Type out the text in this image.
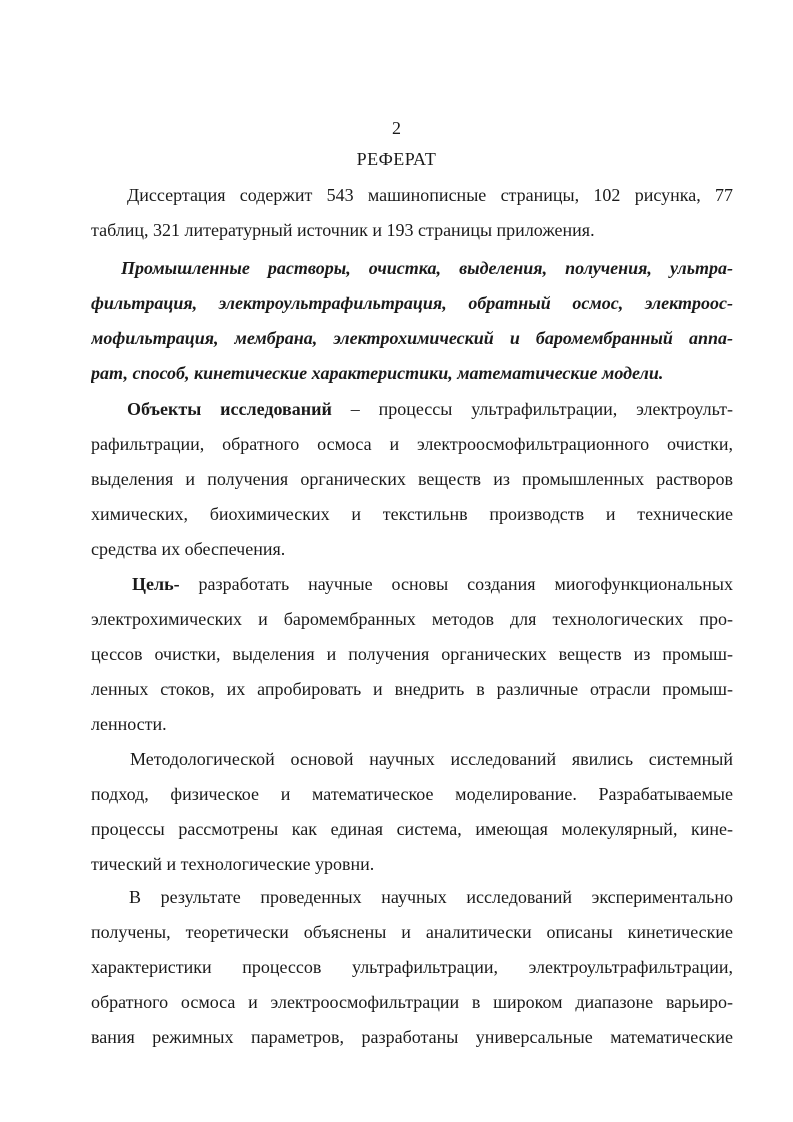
2
РЕФЕРАТ

Диссертация содержит 543 машинописные страницы, 102 рисунка, 77

таблиц, 321 литературный источник и 193 страницы приложения.

Промышленные растворы, очистка, выделения, получения, ультра-

фильтрация, электроультрафильтрация, обратный осмос, электроос-

мофильтрация, мембрана, электрохимический и баромембранный аппа-

рат, способ, кинетические характеристики, математические модели.

Объекты исследований – процессы ультрафильтрации, электроульт-

рафильтрации, обратного осмоса и электроосмофильтрационного очистки,

выделения и получения органических веществ из промышленных растворов

химических, биохимических и текстильнв производств и технические

средства их обеспечения.

Цель- разработать научные основы создания миогофункциональных

электрохимических и баромембранных методов для технологических про-

цессов очистки, выделения и получения органических веществ из промыш-

ленных стоков, их апробировать и внедрить в различные отрасли промыш-

ленности.

Методологической основой научных исследований явились системный

подход, физическое и математическое моделирование. Разрабатываемые

процессы рассмотрены как единая система, имеющая молекулярный, кине-

тический и технологические уровни.

В результате проведенных научных исследований экспериментально

получены, теоретически объяснены и аналитически описаны кинетические

характеристики процессов ультрафильтрации, электроультрафильтрации,

обратного осмоса и электроосмофильтрации в широком диапазоне варьиро-

вания режимных параметров, разработаны универсальные математические
